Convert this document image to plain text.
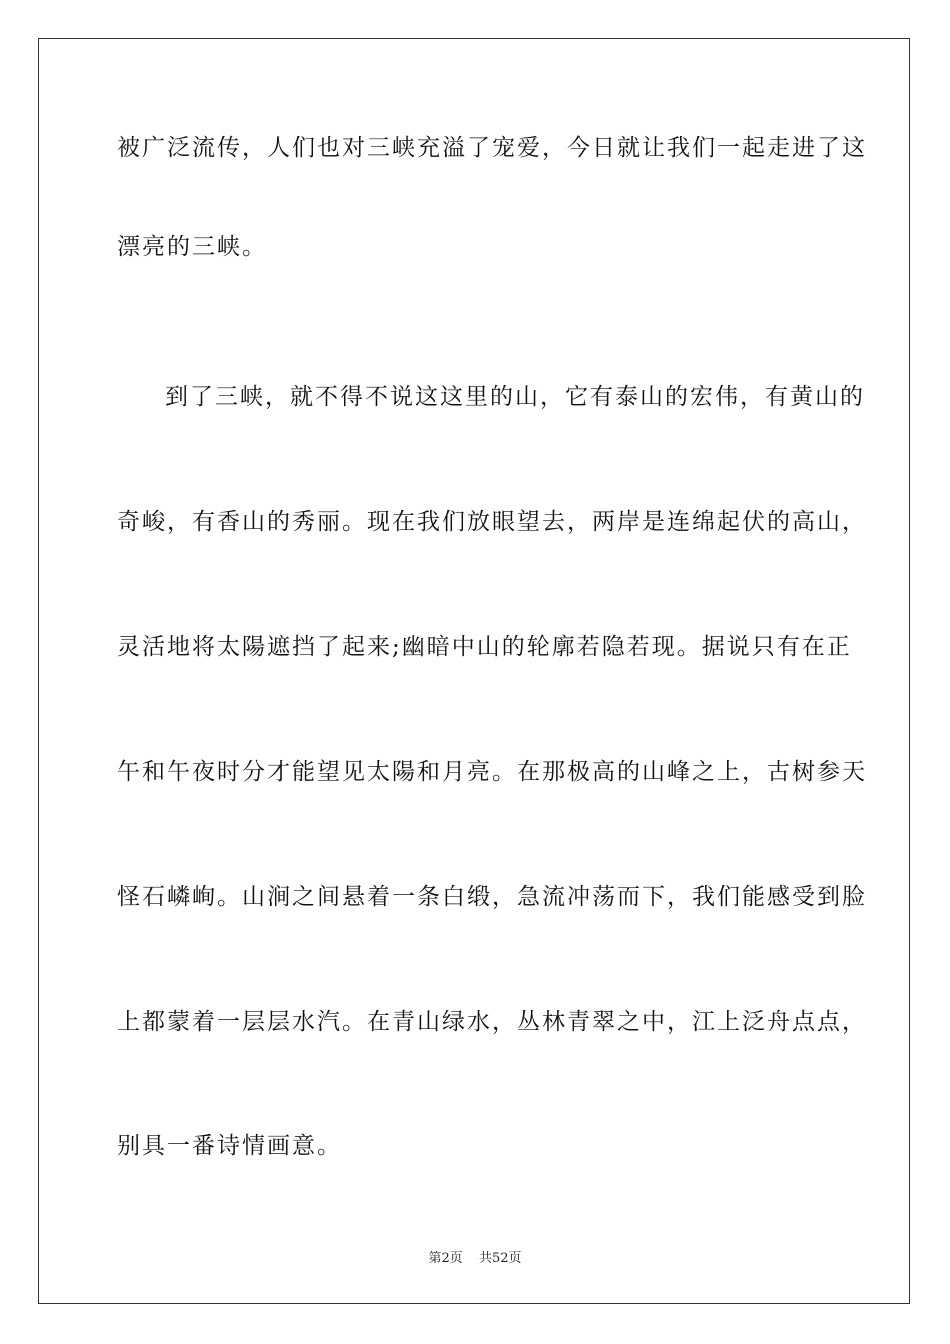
被广泛流传，人们也对三峡充溢了宠爱，今日就让我们一起走进了这
漂亮的三峡。
到了三峡，就不得不说这这里的山，它有泰山的宏伟，有黄山的
奇峻，有香山的秀丽。现在我们放眼望去，两岸是连绵起伏的高山，
灵活地将太陽遮挡了起来;幽暗中山的轮廓若隐若现。据说只有在正
午和午夜时分才能望见太陽和月亮。在那极高的山峰之上，古树参天
怪石嶙峋。山涧之间悬着一条白缎，急流冲荡而下，我们能感受到脸
上都蒙着一层层水汽。在青山绿水，丛林青翠之中，江上泛舟点点，
别具一番诗情画意。
第2页 共52页
